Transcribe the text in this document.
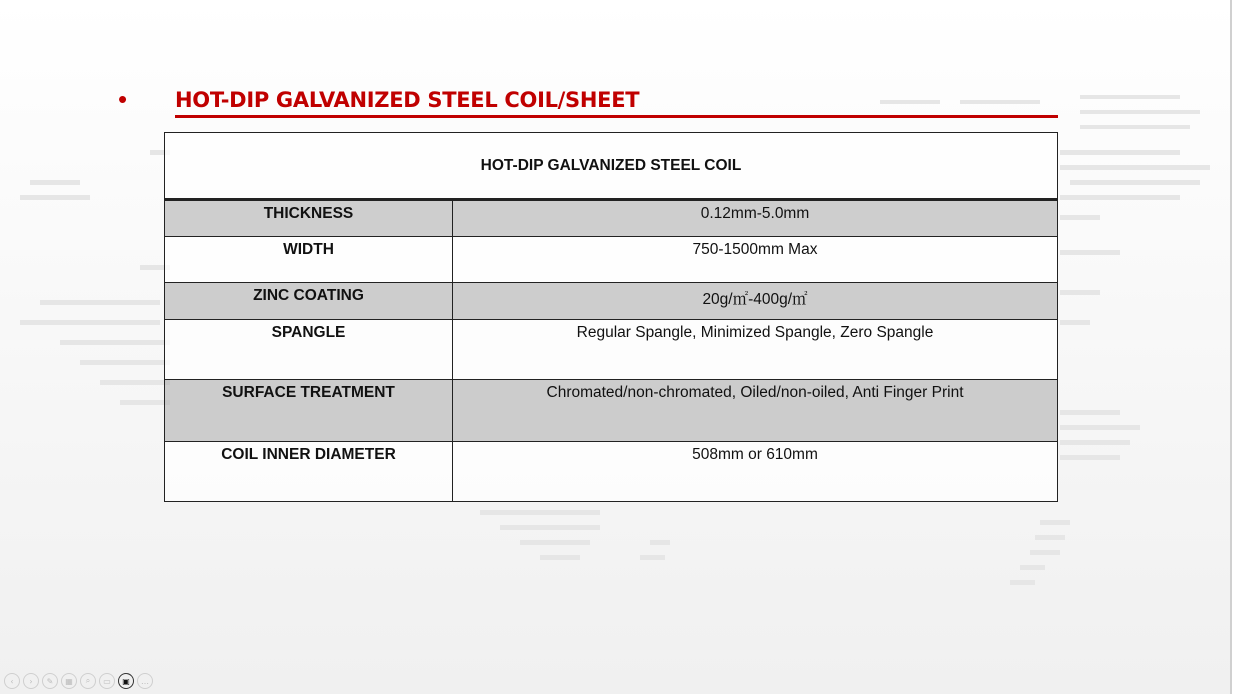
• HOT-DIP GALVANIZED STEEL COIL/SHEET
HOT-DIP GALVANIZED STEEL COIL	
THICKNESS	0.12mm-5.0mm
WIDTH	750-1500mm Max
ZINC COATING	20g/㎡-400g/㎡
SPANGLE	Regular Spangle, Minimized Spangle, Zero Spangle
SURFACE TREATMENT	Chromated/non-chromated, Oiled/non-oiled, Anti Finger Print
COIL INNER DIAMETER	508mm or 610mm
‹	›	✎	▦	⌕	▭	▣	…
